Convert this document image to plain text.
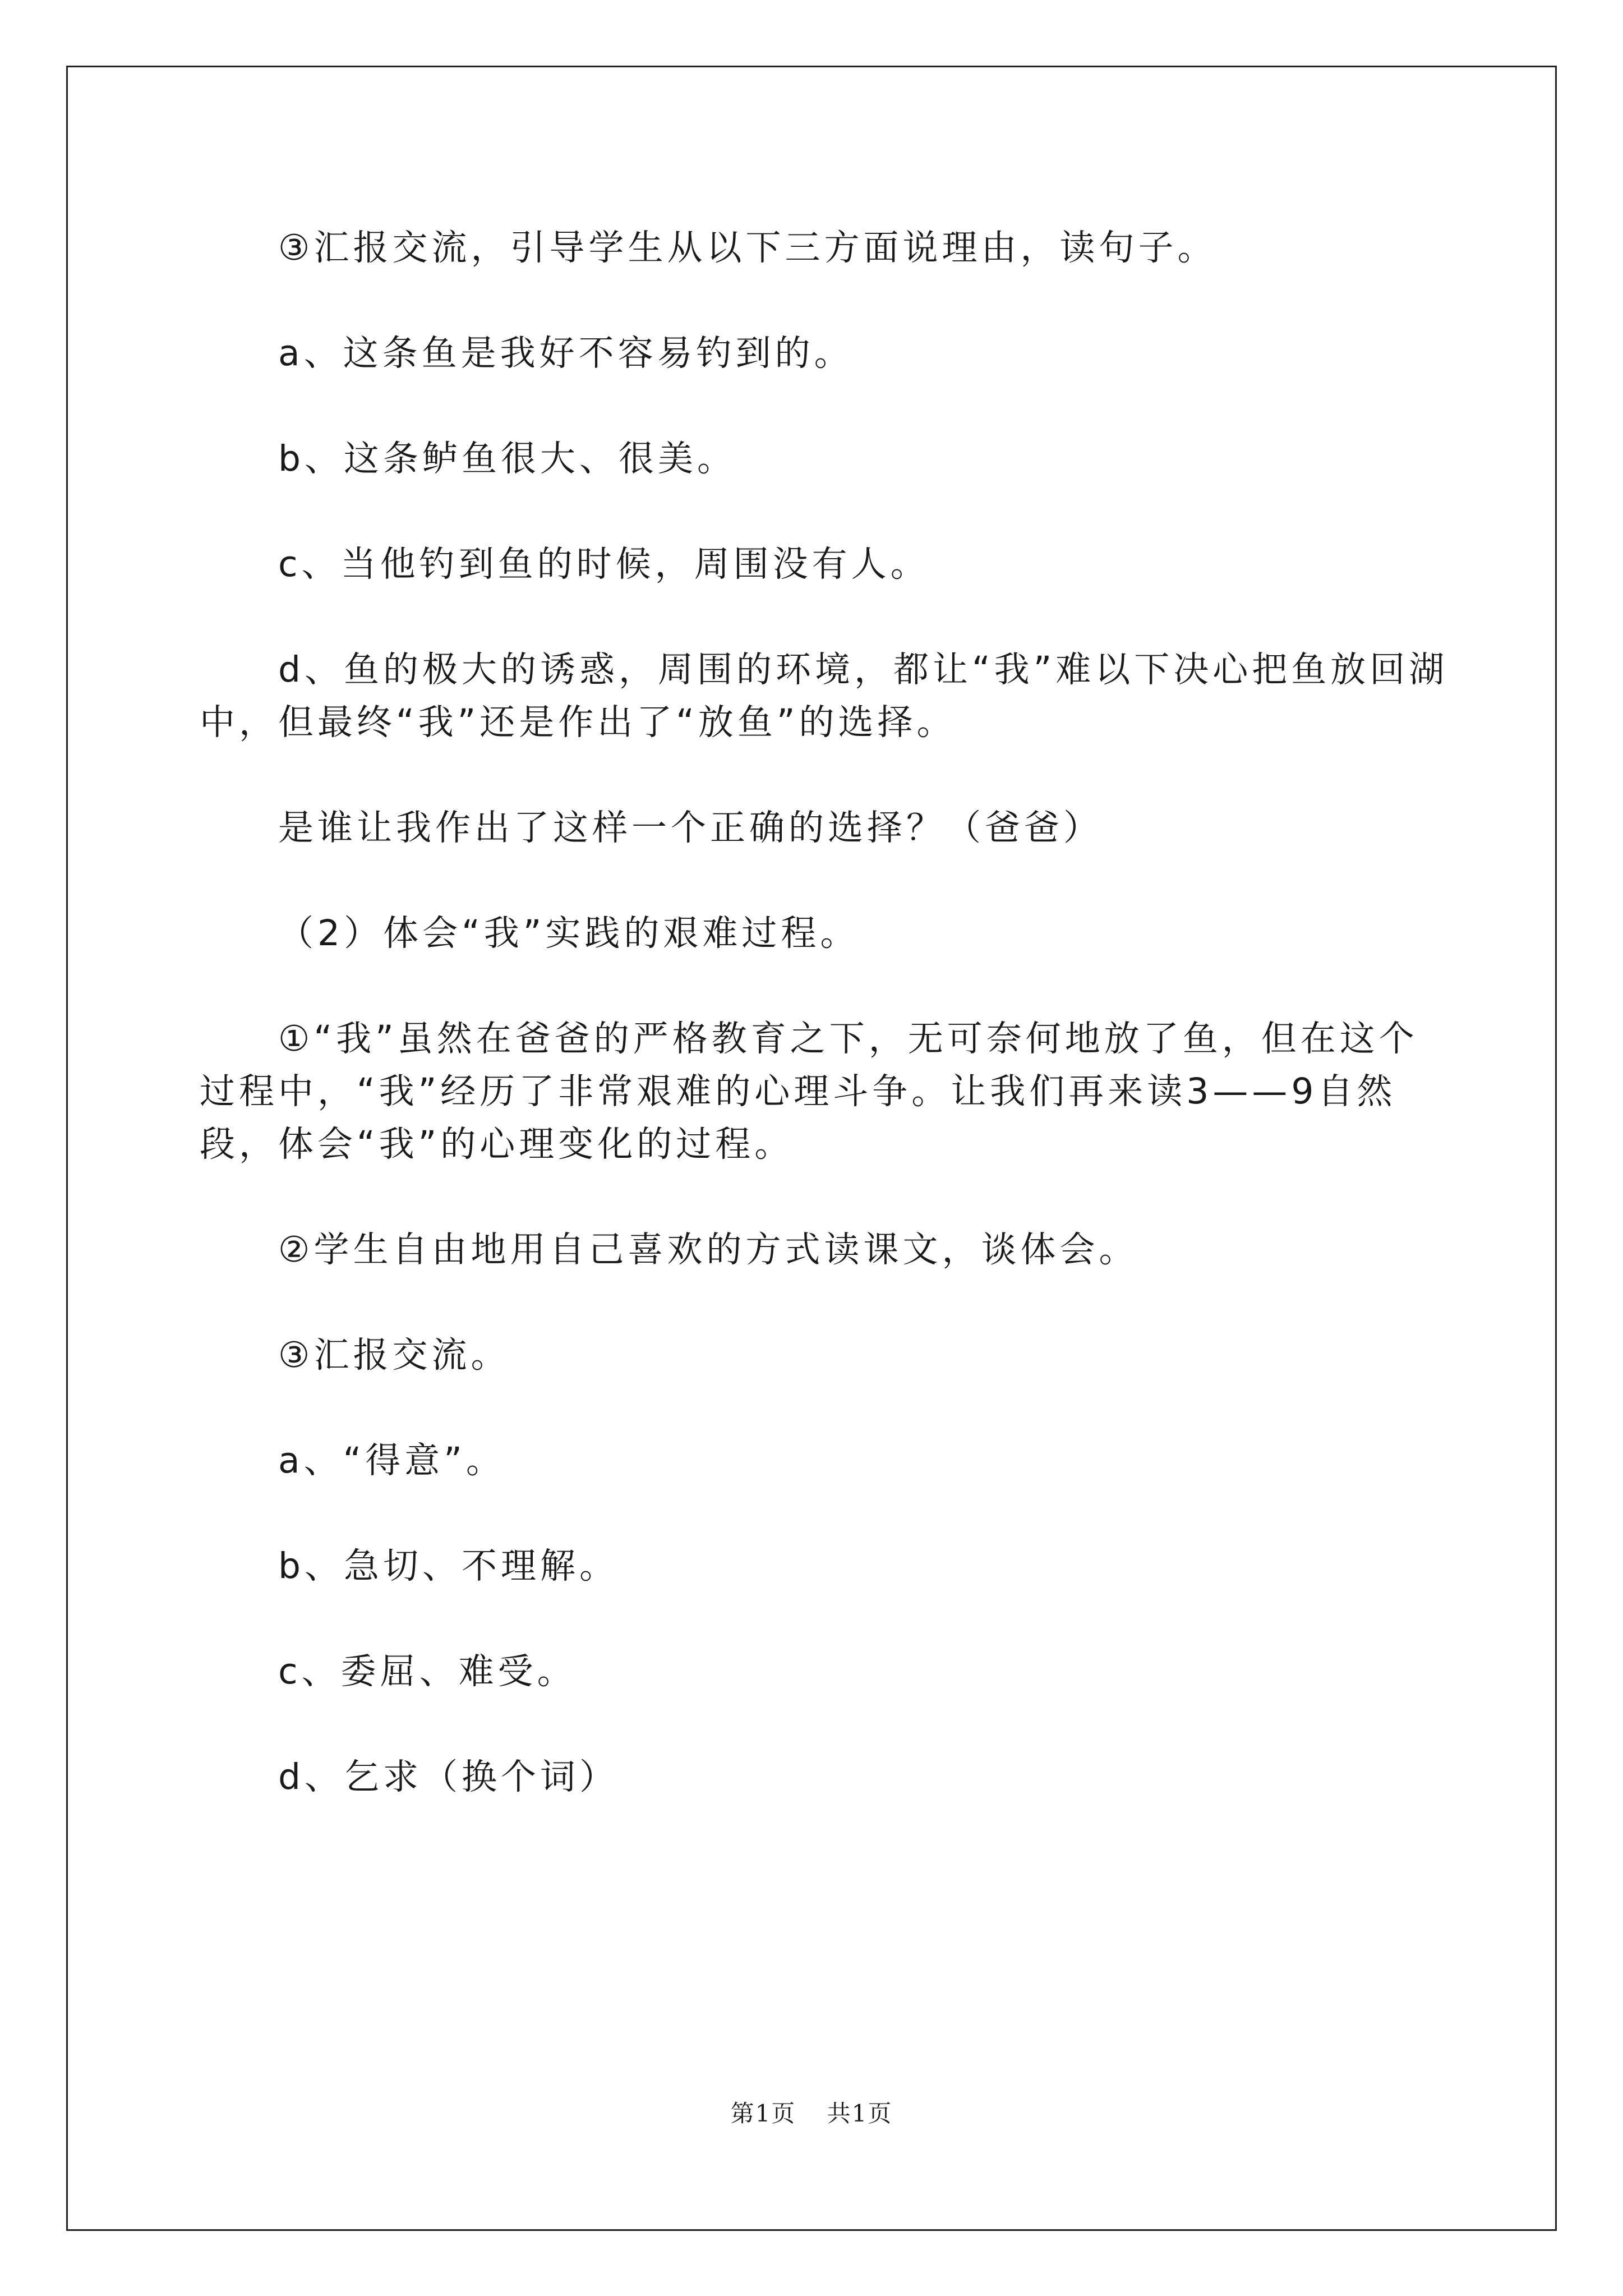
③汇报交流，引导学生从以下三方面说理由，读句子。

a、这条鱼是我好不容易钓到的。

b、这条鲈鱼很大、很美。

c、当他钓到鱼的时候，周围没有人。

d、鱼的极大的诱惑，周围的环境，都让“我”难以下决心把鱼放回湖中，但最终“我”还是作出了“放鱼”的选择。

是谁让我作出了这样一个正确的选择？（爸爸）

（2）体会“我”实践的艰难过程。

①“我”虽然在爸爸的严格教育之下，无可奈何地放了鱼，但在这个过程中，“我”经历了非常艰难的心理斗争。让我们再来读3——9自然段，体会“我”的心理变化的过程。

②学生自由地用自己喜欢的方式读课文，谈体会。

③汇报交流。

a、“得意”。

b、急切、不理解。

c、委屈、难受。

d、乞求（换个词）

第1页 共1页
